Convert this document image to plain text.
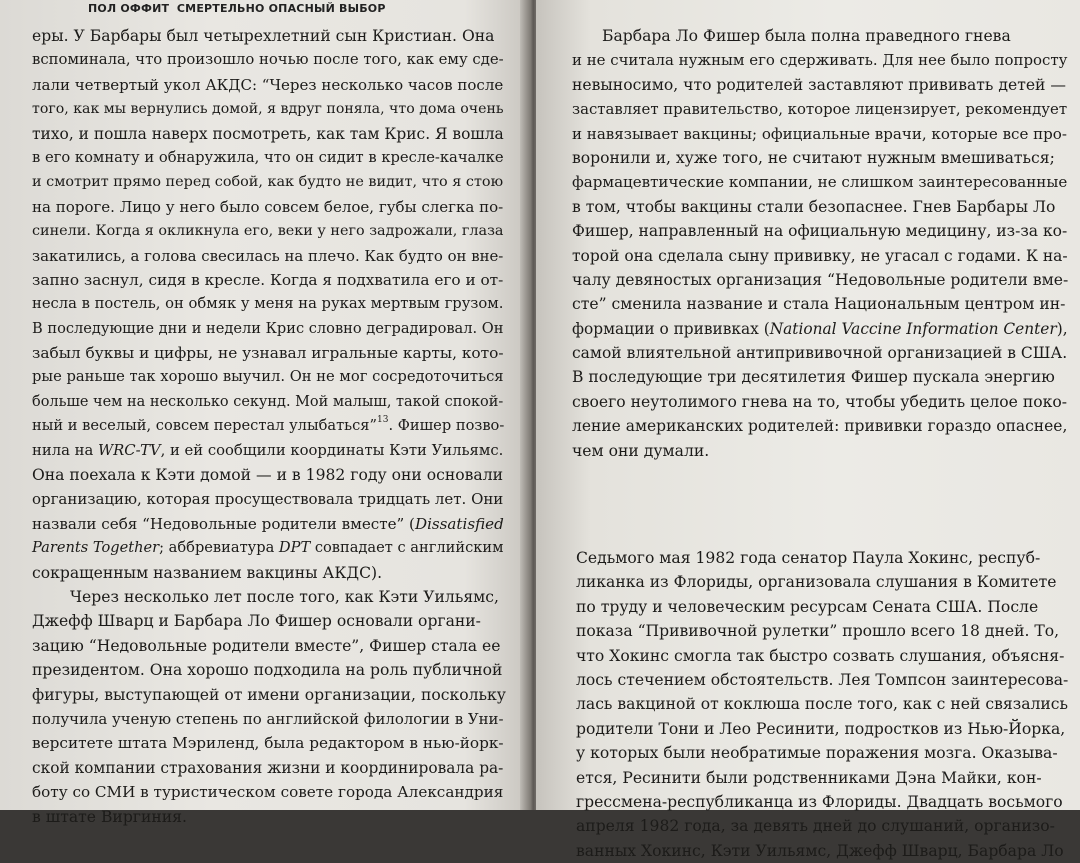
ПОЛ ОФФИТ СМЕРТЕЛЬНО ОПАСНЫЙ ВЫБОР
еры. У Барбары был четырехлетний сын Кристиан. Она
вспоминала, что произошло ночью после того, как ему сде-
лали четвертый укол АКДС: “Через несколько часов после
того, как мы вернулись домой, я вдруг поняла, что дома очень
тихо, и пошла наверх посмотреть, как там Крис. Я вошла
в его комнату и обнаружила, что он сидит в кресле-качалке
и смотрит прямо перед собой, как будто не видит, что я стою
на пороге. Лицо у него было совсем белое, губы слегка по-
синели. Когда я окликнула его, веки у него задрожали, глаза
закатились, а голова свесилась на плечо. Как будто он вне-
запно заснул, сидя в кресле. Когда я подхватила его и от-
несла в постель, он обмяк у меня на руках мертвым грузом.
В последующие дни и недели Крис словно деградировал. Он
забыл буквы и цифры, не узнавал игральные карты, кото-
рые раньше так хорошо выучил. Он не мог сосредоточиться
больше чем на несколько секунд. Мой малыш, такой спокой-
ный и веселый, совсем перестал улыбаться”$^{13}$. Фишер позво-
нила на WRC-TV, и ей сообщили координаты Кэти Уильямс.
Она поехала к Кэти домой — и в 1982 году они основали
организацию, которая просуществовала тридцать лет. Они
назвали себя “Недовольные родители вместе” (Dissatisfied
Parents Together; аббревиатура DPT совпадает с английским
сокращенным названием вакцины АКДС).
Через несколько лет после того, как Кэти Уильямс,
Джефф Шварц и Барбара Ло Фишер основали органи-
зацию “Недовольные родители вместе”, Фишер стала ее
президентом. Она хорошо подходила на роль публичной
фигуры, выступающей от имени организации, поскольку
получила ученую степень по английской филологии в Уни-
верситете штата Мэриленд, была редактором в нью-йорк-
ской компании страхования жизни и координировала ра-
боту со СМИ в туристическом совете города Александрия
в штате Виргиния.
Барбара Ло Фишер была полна праведного гнева
и не считала нужным его сдерживать. Для нее было попросту
невыносимо, что родителей заставляют прививать детей —
заставляет правительство, которое лицензирует, рекомендует
и навязывает вакцины; официальные врачи, которые все про-
воронили и, хуже того, не считают нужным вмешиваться;
фармацевтические компании, не слишком заинтересованные
в том, чтобы вакцины стали безопаснее. Гнев Барбары Ло
Фишер, направленный на официальную медицину, из-за ко-
торой она сделала сыну прививку, не угасал с годами. К на-
чалу девяностых организация “Недовольные родители вме-
сте” сменила название и стала Национальным центром ин-
формации о прививках (National Vaccine Information Center),
самой влиятельной антипрививочной организацией в США.
В последующие три десятилетия Фишер пускала энергию
своего неутолимого гнева на то, чтобы убедить целое поко-
ление американских родителей: прививки гораздо опаснее,
чем они думали.
Седьмого мая 1982 года сенатор Паула Хокинс, респуб-
ликанка из Флориды, организовала слушания в Комитете
по труду и человеческим ресурсам Сената США. После
показа “Прививочной рулетки” прошло всего 18 дней. То,
что Хокинс смогла так быстро созвать слушания, объясня-
лось стечением обстоятельств. Лея Томпсон заинтересова-
лась вакциной от коклюша после того, как с ней связались
родители Тони и Лео Ресинити, подростков из Нью-Йорка,
у которых были необратимые поражения мозга. Оказыва-
ется, Ресинити были родственниками Дэна Майки, кон-
грессмена-республиканца из Флориды. Двадцать восьмого
апреля 1982 года, за девять дней до слушаний, организо-
ванных Хокинс, Кэти Уильямс, Джефф Шварц, Барбара Ло
